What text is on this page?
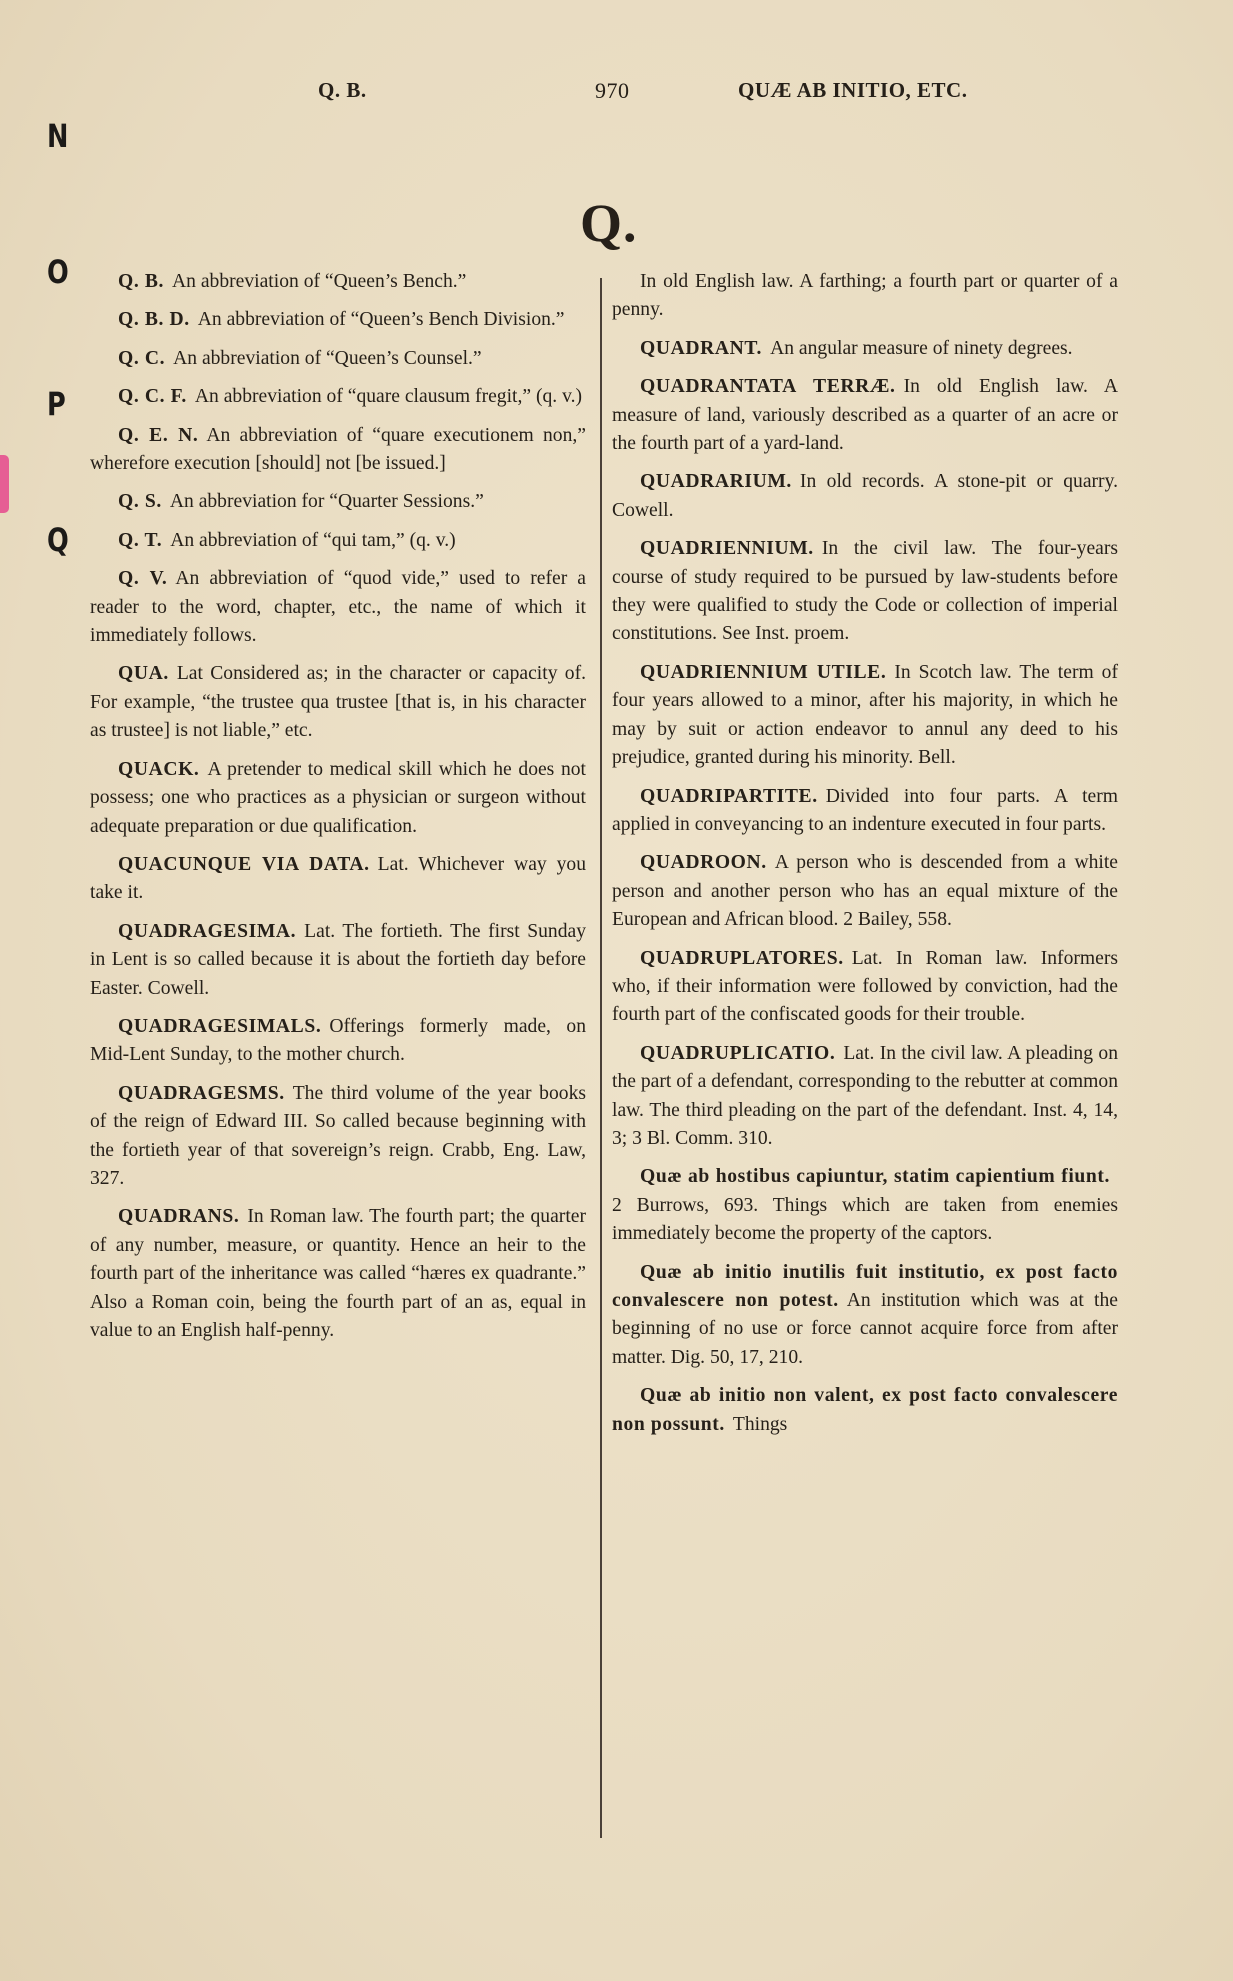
Q. B.	970	QUÆ AB INITIO, ETC.
N
O
P
Q
Q.

Q. B. An abbreviation of “Queen’s Bench.”

Q. B. D. An abbreviation of “Queen’s Bench Division.”

Q. C. An abbreviation of “Queen’s Counsel.”

Q. C. F. An abbreviation of “quare clausum fregit,” (q. v.)

Q. E. N. An abbreviation of “quare executionem non,” wherefore execution [should] not [be issued.]

Q. S. An abbreviation for “Quarter Sessions.”

Q. T. An abbreviation of “qui tam,” (q. v.)

Q. V. An abbreviation of “quod vide,” used to refer a reader to the word, chapter, etc., the name of which it immediately follows.

QUA. Lat Considered as; in the character or capacity of. For example, “the trustee qua trustee [that is, in his character as trustee] is not liable,” etc.

QUACK. A pretender to medical skill which he does not possess; one who practices as a physician or surgeon without adequate preparation or due qualification.

QUACUNQUE VIA DATA. Lat. Whichever way you take it.

QUADRAGESIMA. Lat. The fortieth. The first Sunday in Lent is so called because it is about the fortieth day before Easter. Cowell.

QUADRAGESIMALS. Offerings formerly made, on Mid-Lent Sunday, to the mother church.

QUADRAGESMS. The third volume of the year books of the reign of Edward III. So called because beginning with the fortieth year of that sovereign’s reign. Crabb, Eng. Law, 327.

QUADRANS. In Roman law. The fourth part; the quarter of any number, measure, or quantity. Hence an heir to the fourth part of the inheritance was called “hæres ex quadrante.” Also a Roman coin, being the fourth part of an as, equal in value to an English half-penny.

In old English law. A farthing; a fourth part or quarter of a penny.

QUADRANT. An angular measure of ninety degrees.

QUADRANTATA TERRÆ. In old English law. A measure of land, variously described as a quarter of an acre or the fourth part of a yard-land.

QUADRARIUM. In old records. A stone-pit or quarry. Cowell.

QUADRIENNIUM. In the civil law. The four-years course of study required to be pursued by law-students before they were qualified to study the Code or collection of imperial constitutions. See Inst. proem.

QUADRIENNIUM UTILE. In Scotch law. The term of four years allowed to a minor, after his majority, in which he may by suit or action endeavor to annul any deed to his prejudice, granted during his minority. Bell.

QUADRIPARTITE. Divided into four parts. A term applied in conveyancing to an indenture executed in four parts.

QUADROON. A person who is descended from a white person and another person who has an equal mixture of the European and African blood. 2 Bailey, 558.

QUADRUPLATORES. Lat. In Roman law. Informers who, if their information were followed by conviction, had the fourth part of the confiscated goods for their trouble.

QUADRUPLICATIO. Lat. In the civil law. A pleading on the part of a defendant, corresponding to the rebutter at common law. The third pleading on the part of the defendant. Inst. 4, 14, 3; 3 Bl. Comm. 310.

Quæ ab hostibus capiuntur, statim capientium fiunt.2 Burrows, 693. Things which are taken from enemies immediately become the property of the captors.

Quæ ab initio inutilis fuit institutio, ex post facto convalescere non potest. An institution which was at the beginning of no use or force cannot acquire force from after matter. Dig. 50, 17, 210.

Quæ ab initio non valent, ex post facto convalescere non possunt. Things
